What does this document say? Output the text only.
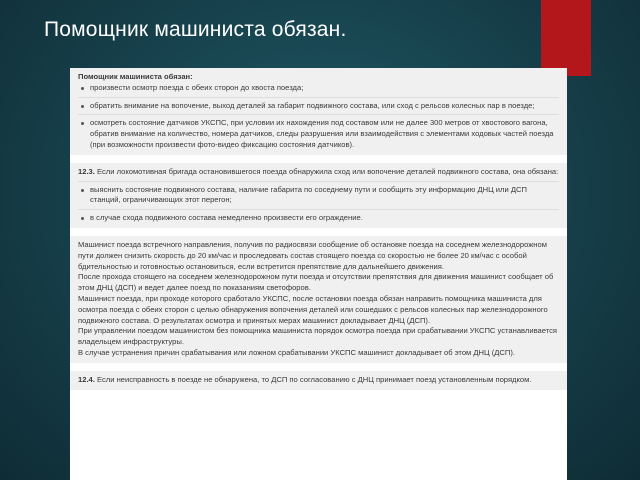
Помощник машиниста обязан.
Помощник машиниста обязан:
произвести осмотр поезда с обеих сторон до хвоста поезда;
обратить внимание на вопочение, выход деталей за габарит подвижного состава, или сход с рельсов колесных пар в поезде;
осмотреть состояние датчиков УКСПС, при условии их нахождения под составом или не далее 300 метров от хвостового вагона, обратив внимание на количество, номера датчиков, следы разрушения или взаимодействия с элементами ходовых частей поезда (при возможности произвести фото-видео фиксацию состояния датчиков).
12.3. Если локомотивная бригада остановившегося поезда обнаружила сход или вопочение деталей подвижного состава, она обязана:
выяснить состояние подвижного состава, наличие габарита по соседнему пути и сообщить эту информацию ДНЦ или ДСП станций, ограничивающих этот перегон;
в случае схода подвижного состава немедленно произвести его ограждение.

Машинист поезда встречного направления, получив по радиосвязи сообщение об остановке поезда на соседнем железнодорожном пути должен снизить скорость до 20 км/час и проследовать состав стоящего поезда со скоростью не более 20 км/час с особой бдительностью и готовностью остановиться, если встретится препятствие для дальнейшего движения.

После прохода стоящего на соседнем железнодорожном пути поезда и отсутствии препятствия для движения машинист сообщает об этом ДНЦ (ДСП) и ведет далее поезд по показаниям светофоров.

Машинист поезда, при проходе которого сработало УКСПС, после остановки поезда обязан направить помощника машиниста для осмотра поезда с обеих сторон с целью обнаружения вопочения деталей или сошедших с рельсов колесных пар железнодорожного подвижного состава. О результатах осмотра и принятых мерах машинист докладывает ДНЦ (ДСП).

При управлении поездом машинистом без помощника машиниста порядок осмотра поезда при срабатывании УКСПС устанавливается владельцем инфраструктуры.

В случае устранения причин срабатывания или ложном срабатывании УКСПС машинист докладывает об этом ДНЦ (ДСП).

12.4. Если неисправность в поезде не обнаружена, то ДСП по согласованию с ДНЦ принимает поезд установленным порядком.
